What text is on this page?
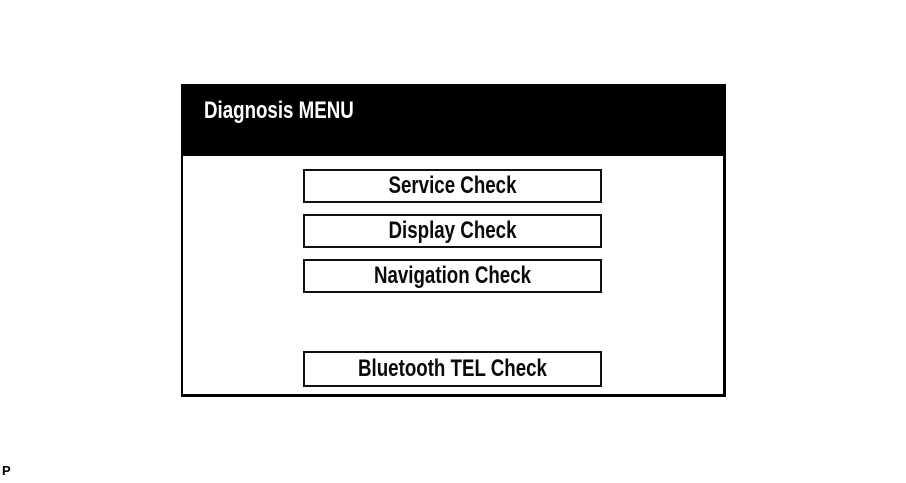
Diagnosis MENU
Service Check
Display Check
Navigation Check
Bluetooth TEL Check
P
